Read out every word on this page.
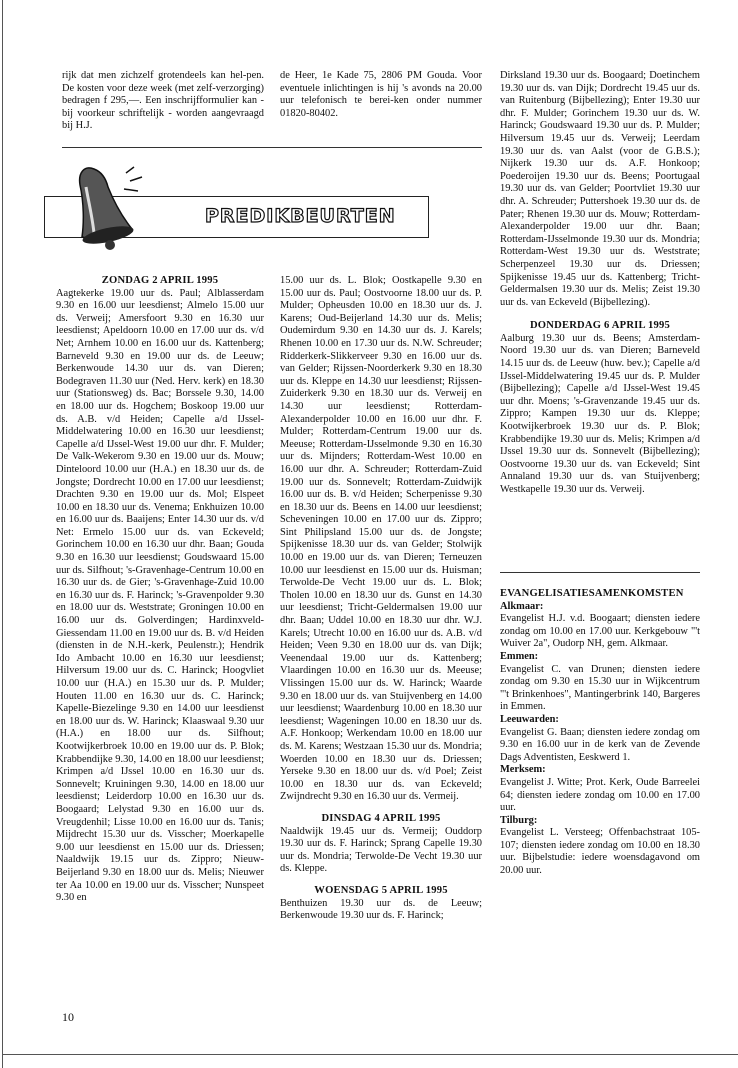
rijk dat men zichzelf grotendeels kan hel-pen. De kosten voor deze week (met zelf-verzorging) bedragen f 295,—. Een inschrijfformulier kan - bij voorkeur schriftelijk - worden aangevraagd bij H.J.

de Heer, 1e Kade 75, 2806 PM Gouda. Voor eventuele inlichtingen is hij 's avonds na 20.00 uur telefonisch te berei-ken onder nummer 01820-80402.

PREDIKBEURTEN

ZONDAG 2 APRIL 1995

Aagtekerke 19.00 uur ds. Paul; Alblasserdam 9.30 en 16.00 uur leesdienst; Almelo 15.00 uur ds. Verweij; Amersfoort 9.30 en 16.30 uur leesdienst; Apeldoorn 10.00 en 17.00 uur ds. v/d Net; Arnhem 10.00 en 16.00 uur ds. Kattenberg; Barneveld 9.30 en 19.00 uur ds. de Leeuw; Berkenwoude 14.30 uur ds. van Dieren; Bodegraven 11.30 uur (Ned. Herv. kerk) en 18.30 uur (Stationsweg) ds. Bac; Borssele 9.30, 14.00 en 18.00 uur ds. Hogchem; Boskoop 19.00 uur ds. A.B. v/d Heiden; Capelle a/d IJssel-Middelwatering 10.00 en 16.30 uur leesdienst; Capelle a/d IJssel-West 19.00 uur dhr. F. Mulder; De Valk-Wekerom 9.30 en 19.00 uur ds. Mouw; Dinteloord 10.00 uur (H.A.) en 18.30 uur ds. de Jongste; Dordrecht 10.00 en 17.00 uur leesdienst; Drachten 9.30 en 19.00 uur ds. Mol; Elspeet 10.00 en 18.30 uur ds. Venema; Enkhuizen 10.00 en 16.00 uur ds. Baaijens; Enter 14.30 uur ds. v/d Net: Ermelo 15.00 uur ds. van Eckeveld; Gorinchem 10.00 en 16.30 uur dhr. Baan; Gouda 9.30 en 16.30 uur leesdienst; Goudswaard 15.00 uur ds. Silfhout; 's-Gravenhage-Centrum 10.00 en 16.30 uur ds. de Gier; 's-Gravenhage-Zuid 10.00 en 16.30 uur ds. F. Harinck; 's-Gravenpolder 9.30 en 18.00 uur ds. Weststrate; Groningen 10.00 en 16.00 uur ds. Golverdingen; Hardinxveld-Giessendam 11.00 en 19.00 uur ds. B. v/d Heiden (diensten in de N.H.-kerk, Peulenstr.); Hendrik Ido Ambacht 10.00 en 16.30 uur leesdienst; Hilversum 19.00 uur ds. C. Harinck; Hoogvliet 10.00 uur (H.A.) en 15.30 uur ds. P. Mulder; Houten 11.00 en 16.30 uur ds. C. Harinck; Kapelle-Biezelinge 9.30 en 14.00 uur leesdienst en 18.00 uur ds. W. Harinck; Klaaswaal 9.30 uur (H.A.) en 18.00 uur ds. Silfhout; Kootwijkerbroek 10.00 en 19.00 uur ds. P. Blok; Krabbendijke 9.30, 14.00 en 18.00 uur leesdienst; Krimpen a/d IJssel 10.00 en 16.30 uur ds. Sonnevelt; Kruiningen 9.30, 14.00 en 18.00 uur leesdienst; Leiderdorp 10.00 en 16.30 uur ds. Boogaard; Lelystad 9.30 en 16.00 uur ds. Vreugdenhil; Lisse 10.00 en 16.00 uur ds. Tanis; Mijdrecht 15.30 uur ds. Visscher; Moerkapelle 9.00 uur leesdienst en 15.00 uur ds. Driessen; Naaldwijk 19.15 uur ds. Zippro; Nieuw-Beijerland 9.30 en 18.00 uur ds. Melis; Nieuwer ter Aa 10.00 en 19.00 uur ds. Visscher; Nunspeet 9.30 en

15.00 uur ds. L. Blok; Oostkapelle 9.30 en 15.00 uur ds. Paul; Oostvoorne 18.00 uur ds. P. Mulder; Opheusden 10.00 en 18.30 uur ds. J. Karens; Oud-Beijerland 14.30 uur ds. Melis; Oudemirdum 9.30 en 14.30 uur ds. J. Karels; Rhenen 10.00 en 17.30 uur ds. N.W. Schreuder; Ridderkerk-Slikkerveer 9.30 en 16.00 uur ds. van Gelder; Rijssen-Noorderkerk 9.30 en 18.30 uur ds. Kleppe en 14.30 uur leesdienst; Rijssen-Zuiderkerk 9.30 en 18.30 uur ds. Verweij en 14.30 uur leesdienst; Rotterdam-Alexanderpolder 10.00 en 16.00 uur dhr. F. Mulder; Rotterdam-Centrum 19.00 uur ds. Meeuse; Rotterdam-IJsselmonde 9.30 en 16.30 uur ds. Mijnders; Rotterdam-West 10.00 en 16.00 uur dhr. A. Schreuder; Rotterdam-Zuid 19.00 uur ds. Sonnevelt; Rotterdam-Zuidwijk 16.00 uur ds. B. v/d Heiden; Scherpenisse 9.30 en 18.30 uur ds. Beens en 14.00 uur leesdienst; Scheveningen 10.00 en 17.00 uur ds. Zippro; Sint Philipsland 15.00 uur ds. de Jongste; Spijkenisse 18.30 uur ds. van Gelder; Stolwijk 10.00 en 19.00 uur ds. van Dieren; Terneuzen 10.00 uur leesdienst en 15.00 uur ds. Huisman; Terwolde-De Vecht 19.00 uur ds. L. Blok; Tholen 10.00 en 18.30 uur ds. Gunst en 14.30 uur leesdienst; Tricht-Geldermalsen 19.00 uur dhr. Baan; Uddel 10.00 en 18.30 uur dhr. W.J. Karels; Utrecht 10.00 en 16.00 uur ds. A.B. v/d Heiden; Veen 9.30 en 18.00 uur ds. van Dijk; Veenendaal 19.00 uur ds. Kattenberg; Vlaardingen 10.00 en 16.30 uur ds. Meeuse; Vlissingen 15.00 uur ds. W. Harinck; Waarde 9.30 en 18.00 uur ds. van Stuijvenberg en 14.00 uur leesdienst; Waardenburg 10.00 en 18.30 uur leesdienst; Wageningen 10.00 en 18.30 uur ds. A.F. Honkoop; Werkendam 10.00 en 18.00 uur ds. M. Karens; Westzaan 15.30 uur ds. Mondria; Woerden 10.00 en 18.30 uur ds. Driessen; Yerseke 9.30 en 18.00 uur ds. v/d Poel; Zeist 10.00 en 18.30 uur ds. van Eckeveld; Zwijndrecht 9.30 en 16.30 uur ds. Vermeij.

DINSDAG 4 APRIL 1995

Naaldwijk 19.45 uur ds. Vermeij; Ouddorp 19.30 uur ds. F. Harinck; Sprang Capelle 19.30 uur ds. Mondria; Terwolde-De Vecht 19.30 uur ds. Kleppe.

WOENSDAG 5 APRIL 1995

Benthuizen 19.30 uur ds. de Leeuw; Berkenwoude 19.30 uur ds. F. Harinck;

Dirksland 19.30 uur ds. Boogaard; Doetinchem 19.30 uur ds. van Dijk; Dordrecht 19.45 uur ds. van Ruitenburg (Bijbellezing); Enter 19.30 uur dhr. F. Mulder; Gorinchem 19.30 uur ds. W. Harinck; Goudswaard 19.30 uur ds. P. Mulder; Hilversum 19.45 uur ds. Verweij; Leerdam 19.30 uur ds. van Aalst (voor de G.B.S.); Nijkerk 19.30 uur ds. A.F. Honkoop; Poederoijen 19.30 uur ds. Beens; Poortugaal 19.30 uur ds. van Gelder; Poortvliet 19.30 uur dhr. A. Schreuder; Puttershoek 19.30 uur ds. de Pater; Rhenen 19.30 uur ds. Mouw; Rotterdam-Alexanderpolder 19.00 uur dhr. Baan; Rotterdam-IJsselmonde 19.30 uur ds. Mondria; Rotterdam-West 19.30 uur ds. Weststrate; Scherpenzeel 19.30 uur ds. Driessen; Spijkenisse 19.45 uur ds. Kattenberg; Tricht-Geldermalsen 19.30 uur ds. Melis; Zeist 19.30 uur ds. van Eckeveld (Bijbellezing).

DONDERDAG 6 APRIL 1995

Aalburg 19.30 uur ds. Beens; Amsterdam-Noord 19.30 uur ds. van Dieren; Barneveld 14.15 uur ds. de Leeuw (huw. bev.); Capelle a/d IJssel-Middelwatering 19.45 uur ds. P. Mulder (Bijbellezing); Capelle a/d IJssel-West 19.45 uur dhr. Moens; 's-Gravenzande 19.45 uur ds. Zippro; Kampen 19.30 uur ds. Kleppe; Kootwijkerbroek 19.30 uur ds. P. Blok; Krabbendijke 19.30 uur ds. Melis; Krimpen a/d IJssel 19.30 uur ds. Sonnevelt (Bijbellezing); Oostvoorne 19.30 uur ds. van Eckeveld; Sint Annaland 19.30 uur ds. van Stuijvenberg; Westkapelle 19.30 uur ds. Verweij.

EVANGELISATIESAMENKOMSTEN

Alkmaar:

Evangelist H.J. v.d. Boogaart; diensten iedere zondag om 10.00 en 17.00 uur. Kerkgebouw "'t Wuiver 2a", Oudorp NH, gem. Alkmaar.

Emmen:

Evangelist C. van Drunen; diensten iedere zondag om 9.30 en 15.30 uur in Wijkcentrum "'t Brinkenhoes", Mantingerbrink 140, Bargeres in Emmen.

Leeuwarden:

Evangelist G. Baan; diensten iedere zondag om 9.30 en 16.00 uur in de kerk van de Zevende Dags Adventisten, Eeskwerd 1.

Merksem:

Evangelist J. Witte; Prot. Kerk, Oude Barreelei 64; diensten iedere zondag om 10.00 en 17.00 uur.

Tilburg:

Evangelist L. Versteeg; Offenbachstraat 105-107; diensten iedere zondag om 10.00 en 18.30 uur. Bijbelstudie: iedere woensdagavond om 20.00 uur.

10
